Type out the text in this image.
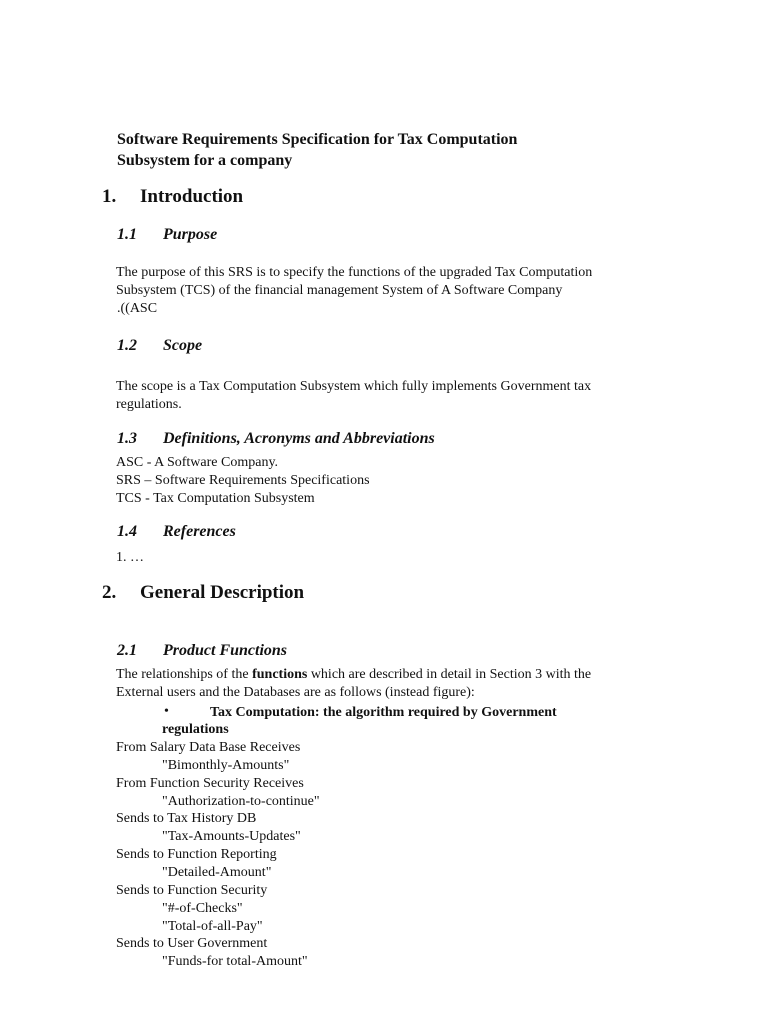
Software Requirements Specification for Tax Computation
Subsystem for a company
1. Introduction
1.1 Purpose
The purpose of this SRS is to specify the functions of the upgraded Tax Computation
Subsystem (TCS) of the financial management System of A Software Company
.((ASC
1.2 Scope
The scope is a Tax Computation Subsystem which fully implements Government tax
regulations.
1.3 Definitions, Acronyms and Abbreviations
ASC - A Software Company.
SRS – Software Requirements Specifications
TCS - Tax Computation Subsystem
1.4 References
1. …
2. General Description
2.1 Product Functions
The relationships of the functions which are described in detail in Section 3 with the
External users and the Databases are as follows (instead figure):
•	Tax Computation: the algorithm required by Government
regulations
From Salary Data Base Receives
"Bimonthly-Amounts"
From Function Security Receives
"Authorization-to-continue"
Sends to Tax History DB
"Tax-Amounts-Updates"
Sends to Function Reporting
"Detailed-Amount"
Sends to Function Security
"#-of-Checks"
"Total-of-all-Pay"
Sends to User Government
"Funds-for total-Amount"
